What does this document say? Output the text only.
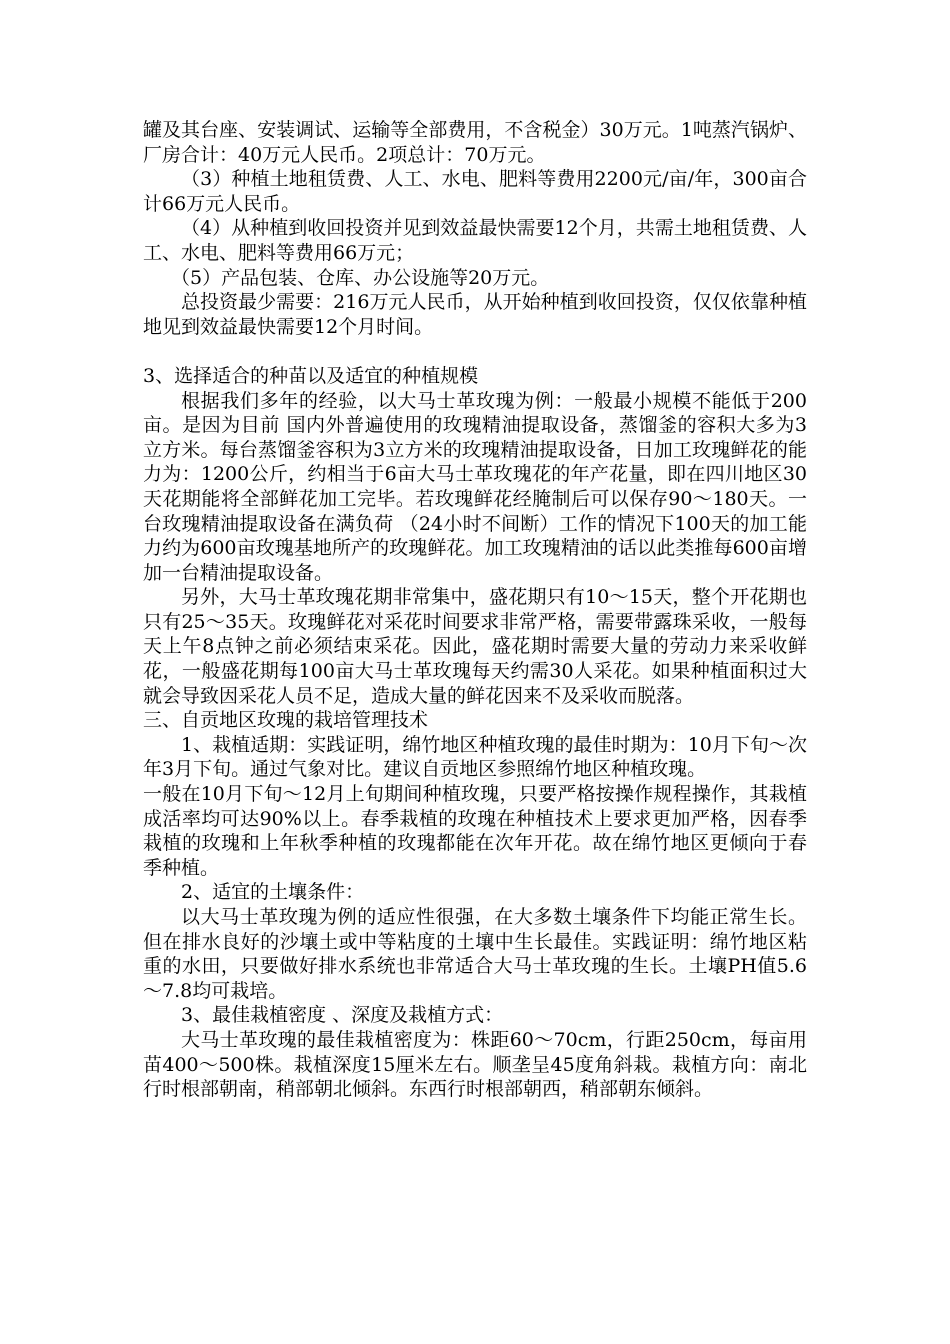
罐及其台座、安装调试、运输等全部费用，不含税金）30万元。1吨蒸汽锅炉、厂房合计：40万元人民币。2项总计：70万元。

（3）种植土地租赁费、人工、水电、肥料等费用2200元/亩/年，300亩合计66万元人民币。

（4）从种植到收回投资并见到效益最快需要12个月，共需土地租赁费、人工、水电、肥料等费用66万元；

（5）产品包装、仓库、办公设施等20万元。

总投资最少需要：216万元人民币，从开始种植到收回投资，仅仅依靠种植地见到效益最快需要12个月时间。

3、选择适合的种苗以及适宜的种植规模

根据我们多年的经验，以大马士革玫瑰为例：一般最小规模不能低于200亩。是因为目前 国内外普遍使用的玫瑰精油提取设备，蒸馏釜的容积大多为3立方米。每台蒸馏釜容积为3立方米的玫瑰精油提取设备，日加工玫瑰鲜花的能力为：1200公斤，约相当于6亩大马士革玫瑰花的年产花量，即在四川地区30天花期能将全部鲜花加工完毕。若玫瑰鲜花经腌制后可以保存90～180天。一台玫瑰精油提取设备在满负荷 （24小时不间断）工作的情况下100天的加工能力约为600亩玫瑰基地所产的玫瑰鲜花。加工玫瑰精油的话以此类推每600亩增加一台精油提取设备。

另外，大马士革玫瑰花期非常集中，盛花期只有10～15天，整个开花期也只有25～35天。玫瑰鲜花对采花时间要求非常严格，需要带露珠采收，一般每天上午8点钟之前必须结束采花。因此，盛花期时需要大量的劳动力来采收鲜花，一般盛花期每100亩大马士革玫瑰每天约需30人采花。如果种植面积过大就会导致因采花人员不足，造成大量的鲜花因来不及采收而脱落。

三、自贡地区玫瑰的栽培管理技术

1、栽植适期：实践证明，绵竹地区种植玫瑰的最佳时期为：10月下旬～次年3月下旬。通过气象对比。建议自贡地区参照绵竹地区种植玫瑰。

一般在10月下旬～12月上旬期间种植玫瑰，只要严格按操作规程操作，其栽植成活率均可达90%以上。春季栽植的玫瑰在种植技术上要求更加严格，因春季栽植的玫瑰和上年秋季种植的玫瑰都能在次年开花。故在绵竹地区更倾向于春季种植。

2、适宜的土壤条件：

以大马士革玫瑰为例的适应性很强，在大多数土壤条件下均能正常生长。但在排水良好的沙壤土或中等粘度的土壤中生长最佳。实践证明：绵竹地区粘重的水田，只要做好排水系统也非常适合大马士革玫瑰的生长。土壤PH值5.6～7.8均可栽培。

3、最佳栽植密度 、深度及栽植方式：

大马士革玫瑰的最佳栽植密度为：株距60～70cm，行距250cm，每亩用苗400～500株。栽植深度15厘米左右。顺垄呈45度角斜栽。栽植方向：南北行时根部朝南，稍部朝北倾斜。东西行时根部朝西，稍部朝东倾斜。
